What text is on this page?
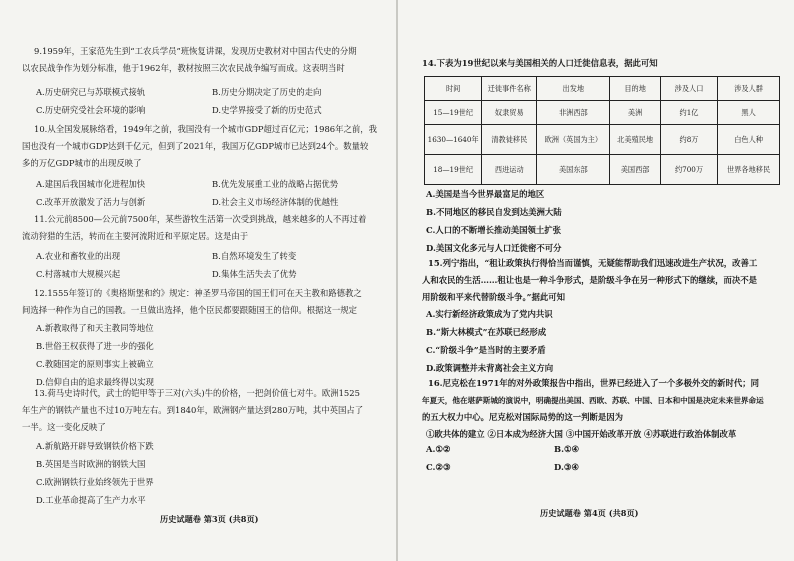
9.1959年，王家范先生到“工农兵学员”班恢复讲课，发现历史教材对中国古代史的分期

以农民战争作为划分标准，他于1962年，教材按照三次农民战争编写而成。这表明当时

A.历史研究已与苏联模式接轨	B.历史分期决定了历史的走向
C.历史研究受社会环境的影响	D.史学界接受了新的历史范式

10.从全国发展脉络看，1949年之前，我国没有一个城市GDP超过百亿元；1986年之前，我

国也没有一个城市GDP达到千亿元，但到了2021年，我国万亿GDP城市已达到24个。数量较

多的万亿GDP城市的出现反映了

A.建国后我国城市化进程加快	B.优先发展重工业的战略占据优势
C.改革开放激发了活力与创新	D.社会主义市场经济体制的优越性

11.公元前8500—公元前7500年，某些游牧生活第一次受到挑战，越来越多的人不再过着

流动狩猎的生活，转而在主要河流附近和平原定居。这是由于

A.农业和畜牧业的出现	B.自然环境发生了转变
C.村落城市大规模兴起	D.集体生活失去了优势

12.1555年签订的《奥格斯堡和约》规定：神圣罗马帝国的国王们可在天主教和路德教之

间选择一种作为自己的国教。一旦做出选择，他个臣民都要跟随国王的信仰。根据这一规定

A.新教取得了和天主教同等地位
B.世俗王权获得了进一步的强化
C.教随国定的原则事实上被确立
D.信仰自由的追求最终得以实现

13.荷马史诗时代，武士的铠甲等于三对(六头)牛的价格，一把剑价值七对牛。欧洲1525

年生产的钢铁产量也不过10万吨左右。到1840年，欧洲钢产量达到280万吨，其中英国占了

一半。这一变化反映了

A.新航路开辟导致钢铁价格下跌
B.英国是当时欧洲的钢铁大国
C.欧洲钢铁行业始终领先于世界
D.工业革命提高了生产力水平
历史试题卷 第3页 (共8页)

14.下表为19世纪以来与美国相关的人口迁徙信息表，据此可知

时间	迁徙事件名称	出发地	目的地	涉及人口	涉及人群
15—19世纪	奴隶贸易	非洲西部	美洲	约1亿	黑人
1630—1640年	清教徒移民	欧洲（英国为主）	北美殖民地	约8万	白色人种
18—19世纪	西进运动	美国东部	美国西部	约700万	世界各地移民
A.美国是当今世界最富足的地区
B.不同地区的移民自发到达美洲大陆
C.人口的不断增长推动美国领土扩张
D.美国文化多元与人口迁徙密不可分

15.列宁指出，“租让政策执行得恰当而谨慎，无疑能帮助我们迅速改进生产状况，改善工

人和农民的生活……租让也是一种斗争形式，是阶级斗争在另一种形式下的继续，而决不是

用阶级和平来代替阶级斗争。”据此可知

A.实行新经济政策成为了党内共识
B.“斯大林模式”在苏联已经形成
C.“阶级斗争”是当时的主要矛盾
D.政策调整并未背离社会主义方向

16.尼克松在1971年的对外政策报告中指出，世界已经进入了一个多极外交的新时代；同

年夏天，他在堪萨斯城的演说中，明确提出美国、西欧、苏联、中国、日本和中国是决定未来世界命运

的五大权力中心。尼克松对国际局势的这一判断是因为

①欧共体的建立 ②日本成为经济大国 ③中国开始改革开放 ④苏联进行政治体制改革
A.①②	B.①④
C.②③	D.③④
历史试题卷 第4页 (共8页)
